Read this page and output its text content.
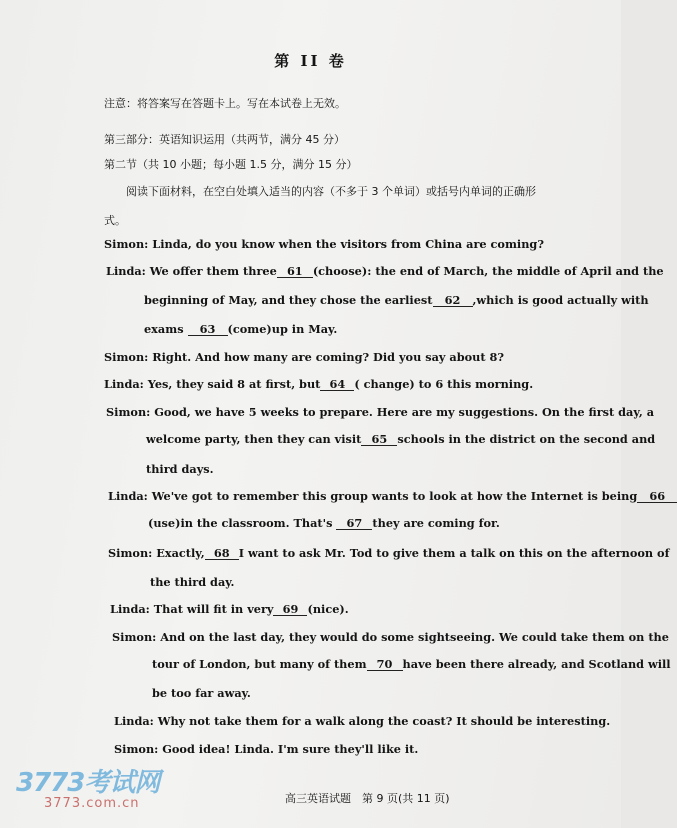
第 II 卷
注意：将答案写在答题卡上。写在本试卷上无效。
第三部分：英语知识运用（共两节，满分 45 分）
第二节（共 10 小题；每小题 1.5 分，满分 15 分）
阅读下面材料，在空白处填入适当的内容（不多于 3 个单词）或括号内单词的正确形
式。
Simon: Linda, do you know when the visitors from China are coming?
Linda: We offer them three 61 (choose): the end of March, the middle of April and the
beginning of May, and they chose the earliest 62 ,which is good actually with
exams 63 (come)up in May.
Simon: Right. And how many are coming? Did you say about 8?
Linda: Yes, they said 8 at first, but 64 ( change) to 6 this morning.
Simon: Good, we have 5 weeks to prepare. Here are my suggestions. On the first day, a
welcome party, then they can visit 65 schools in the district on the second and
third days.
Linda: We've got to remember this group wants to look at how the Internet is being 66
(use)in the classroom. That's 67 they are coming for.
Simon: Exactly, 68 I want to ask Mr. Tod to give them a talk on this on the afternoon of
the third day.
Linda: That will fit in very 69 (nice).
Simon: And on the last day, they would do some sightseeing. We could take them on the
tour of London, but many of them 70 have been there already, and Scotland will
be too far away.
Linda: Why not take them for a walk along the coast? It should be interesting.
Simon: Good idea! Linda. I'm sure they'll like it.
高三英语试题　第 9 页(共 11 页)
3773考试网
3773.com.cn
